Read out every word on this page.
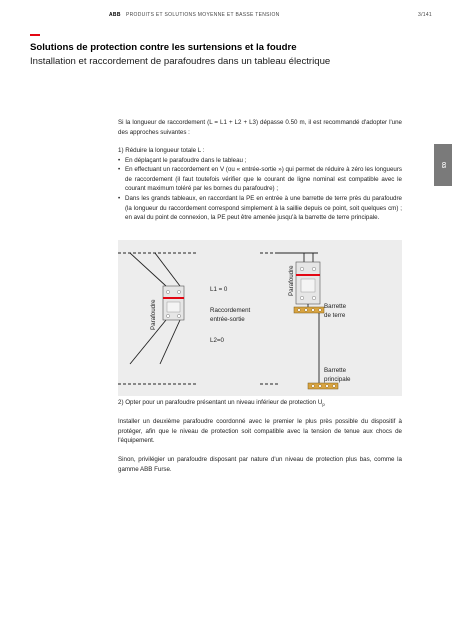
ABB PRODUITS ET SOLUTIONS MOYENNE ET BASSE TENSION	3/141
Solutions de protection contre les surtensions et la foudre
Installation et raccordement de parafoudres dans un tableau électrique
03

Si la longueur de raccordement (L = L1 + L2 + L3) dépasse 0.50 m, il est recommandé d'adopter l'une des approches suivantes :

1) Réduire la longueur totale L :

• En déplaçant le parafoudre dans le tableau ;
• En effectuant un raccordement en V (ou « entrée-sortie ») qui permet de réduire à zéro les longueurs de raccordement (il faut toutefois vérifier que le courant de ligne nominal est compatible avec le courant maximum toléré par les bornes du parafoudre) ;
• Dans les grands tableaux, en raccordant la PE en entrée à une barrette de terre près du parafoudre (la longueur du raccordement correspond simplement à la saillie depuis ce point, soit quelques cm) ; en aval du point de connexion, la PE peut être amenée jusqu'à la barrette de terre principale.
Parafoudre
L1 = 0
Raccordement
entrée-sortie
L2=0
Parafoudre
Barrette
de terre
Barrette
principale

2) Opter pour un parafoudre présentant un niveau inférieur de protection $U_p$

Installer un deuxième parafoudre coordonné avec le premier le plus près possible du dispositif à protéger, afin que le niveau de protection soit compatible avec la tension de tenue aux chocs de l'équipement.

Sinon, privilégier un parafoudre disposant par nature d'un niveau de protection plus bas, comme la gamme ABB Furse.
